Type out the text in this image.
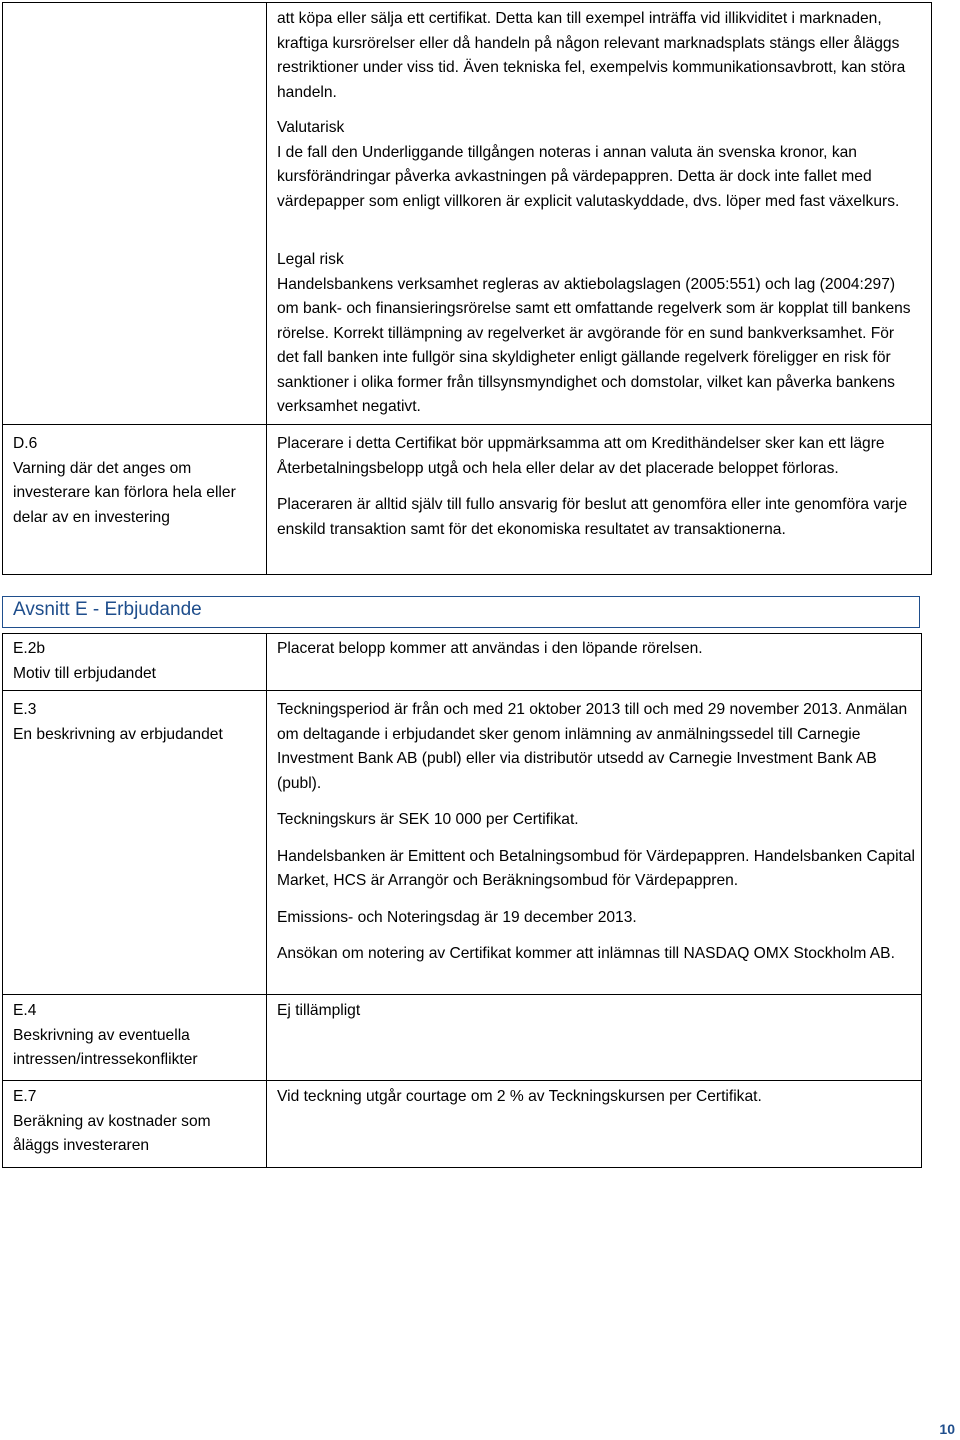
att köpa eller sälja ett certifikat. Detta kan till exempel inträffa vid illikviditet i marknaden, kraftiga kursrörelser eller då handeln på någon relevant marknadsplats stängs eller åläggs restriktioner under viss tid. Även tekniska fel, exempelvis kommunikationsavbrott, kan störa handeln.

Valutarisk

I de fall den Underliggande tillgången noteras i annan valuta än svenska kronor, kan kursförändringar påverka avkastningen på värdepappren. Detta är dock inte fallet med värdepapper som enligt villkoren är explicit valutaskyddade, dvs. löper med fast växelkurs.

Legal risk

Handelsbankens verksamhet regleras av aktiebolagslagen (2005:551) och lag (2004:297) om bank- och finansieringsrörelse samt ett omfattande regelverk som är kopplat till bankens rörelse. Korrekt tillämpning av regelverket är avgörande för en sund bankverksamhet. För det fall banken inte fullgör sina skyldigheter enligt gällande regelverk föreligger en risk för sanktioner i olika former från tillsynsmyndighet och domstolar, vilket kan påverka bankens verksamhet negativt.

D.6

Varning där det anges om investerare kan förlora hela eller delar av en investering

Placerare i detta Certifikat bör uppmärksamma att om Kredithändelser sker kan ett lägre Återbetalningsbelopp utgå och hela eller delar av det placerade beloppet förloras.

Placeraren är alltid själv till fullo ansvarig för beslut att genomföra eller inte genomföra varje enskild transaktion samt för det ekonomiska resultatet av transaktionerna.

Avsnitt E - Erbjudande

E.2b

Motiv till erbjudandet

Placerat belopp kommer att användas i den löpande rörelsen.

E.3

En beskrivning av erbjudandet

Teckningsperiod är från och med 21 oktober 2013 till och med 29 november 2013. Anmälan om deltagande i erbjudandet sker genom inlämning av anmälningssedel till Carnegie Investment Bank AB (publ) eller via distributör utsedd av Carnegie Investment Bank AB (publ).

Teckningskurs är SEK 10 000 per Certifikat.

Handelsbanken är Emittent och Betalningsombud för Värdepappren. Handelsbanken Capital Market, HCS är Arrangör och Beräkningsombud för Värdepappren.

Emissions- och Noteringsdag är 19 december 2013.

Ansökan om notering av Certifikat kommer att inlämnas till NASDAQ OMX Stockholm AB.

E.4

Beskrivning av eventuella intressen/intressekonflikter

Ej tillämpligt

E.7

Beräkning av kostnader som åläggs investeraren

Vid teckning utgår courtage om 2 % av Teckningskursen per Certifikat.

10
